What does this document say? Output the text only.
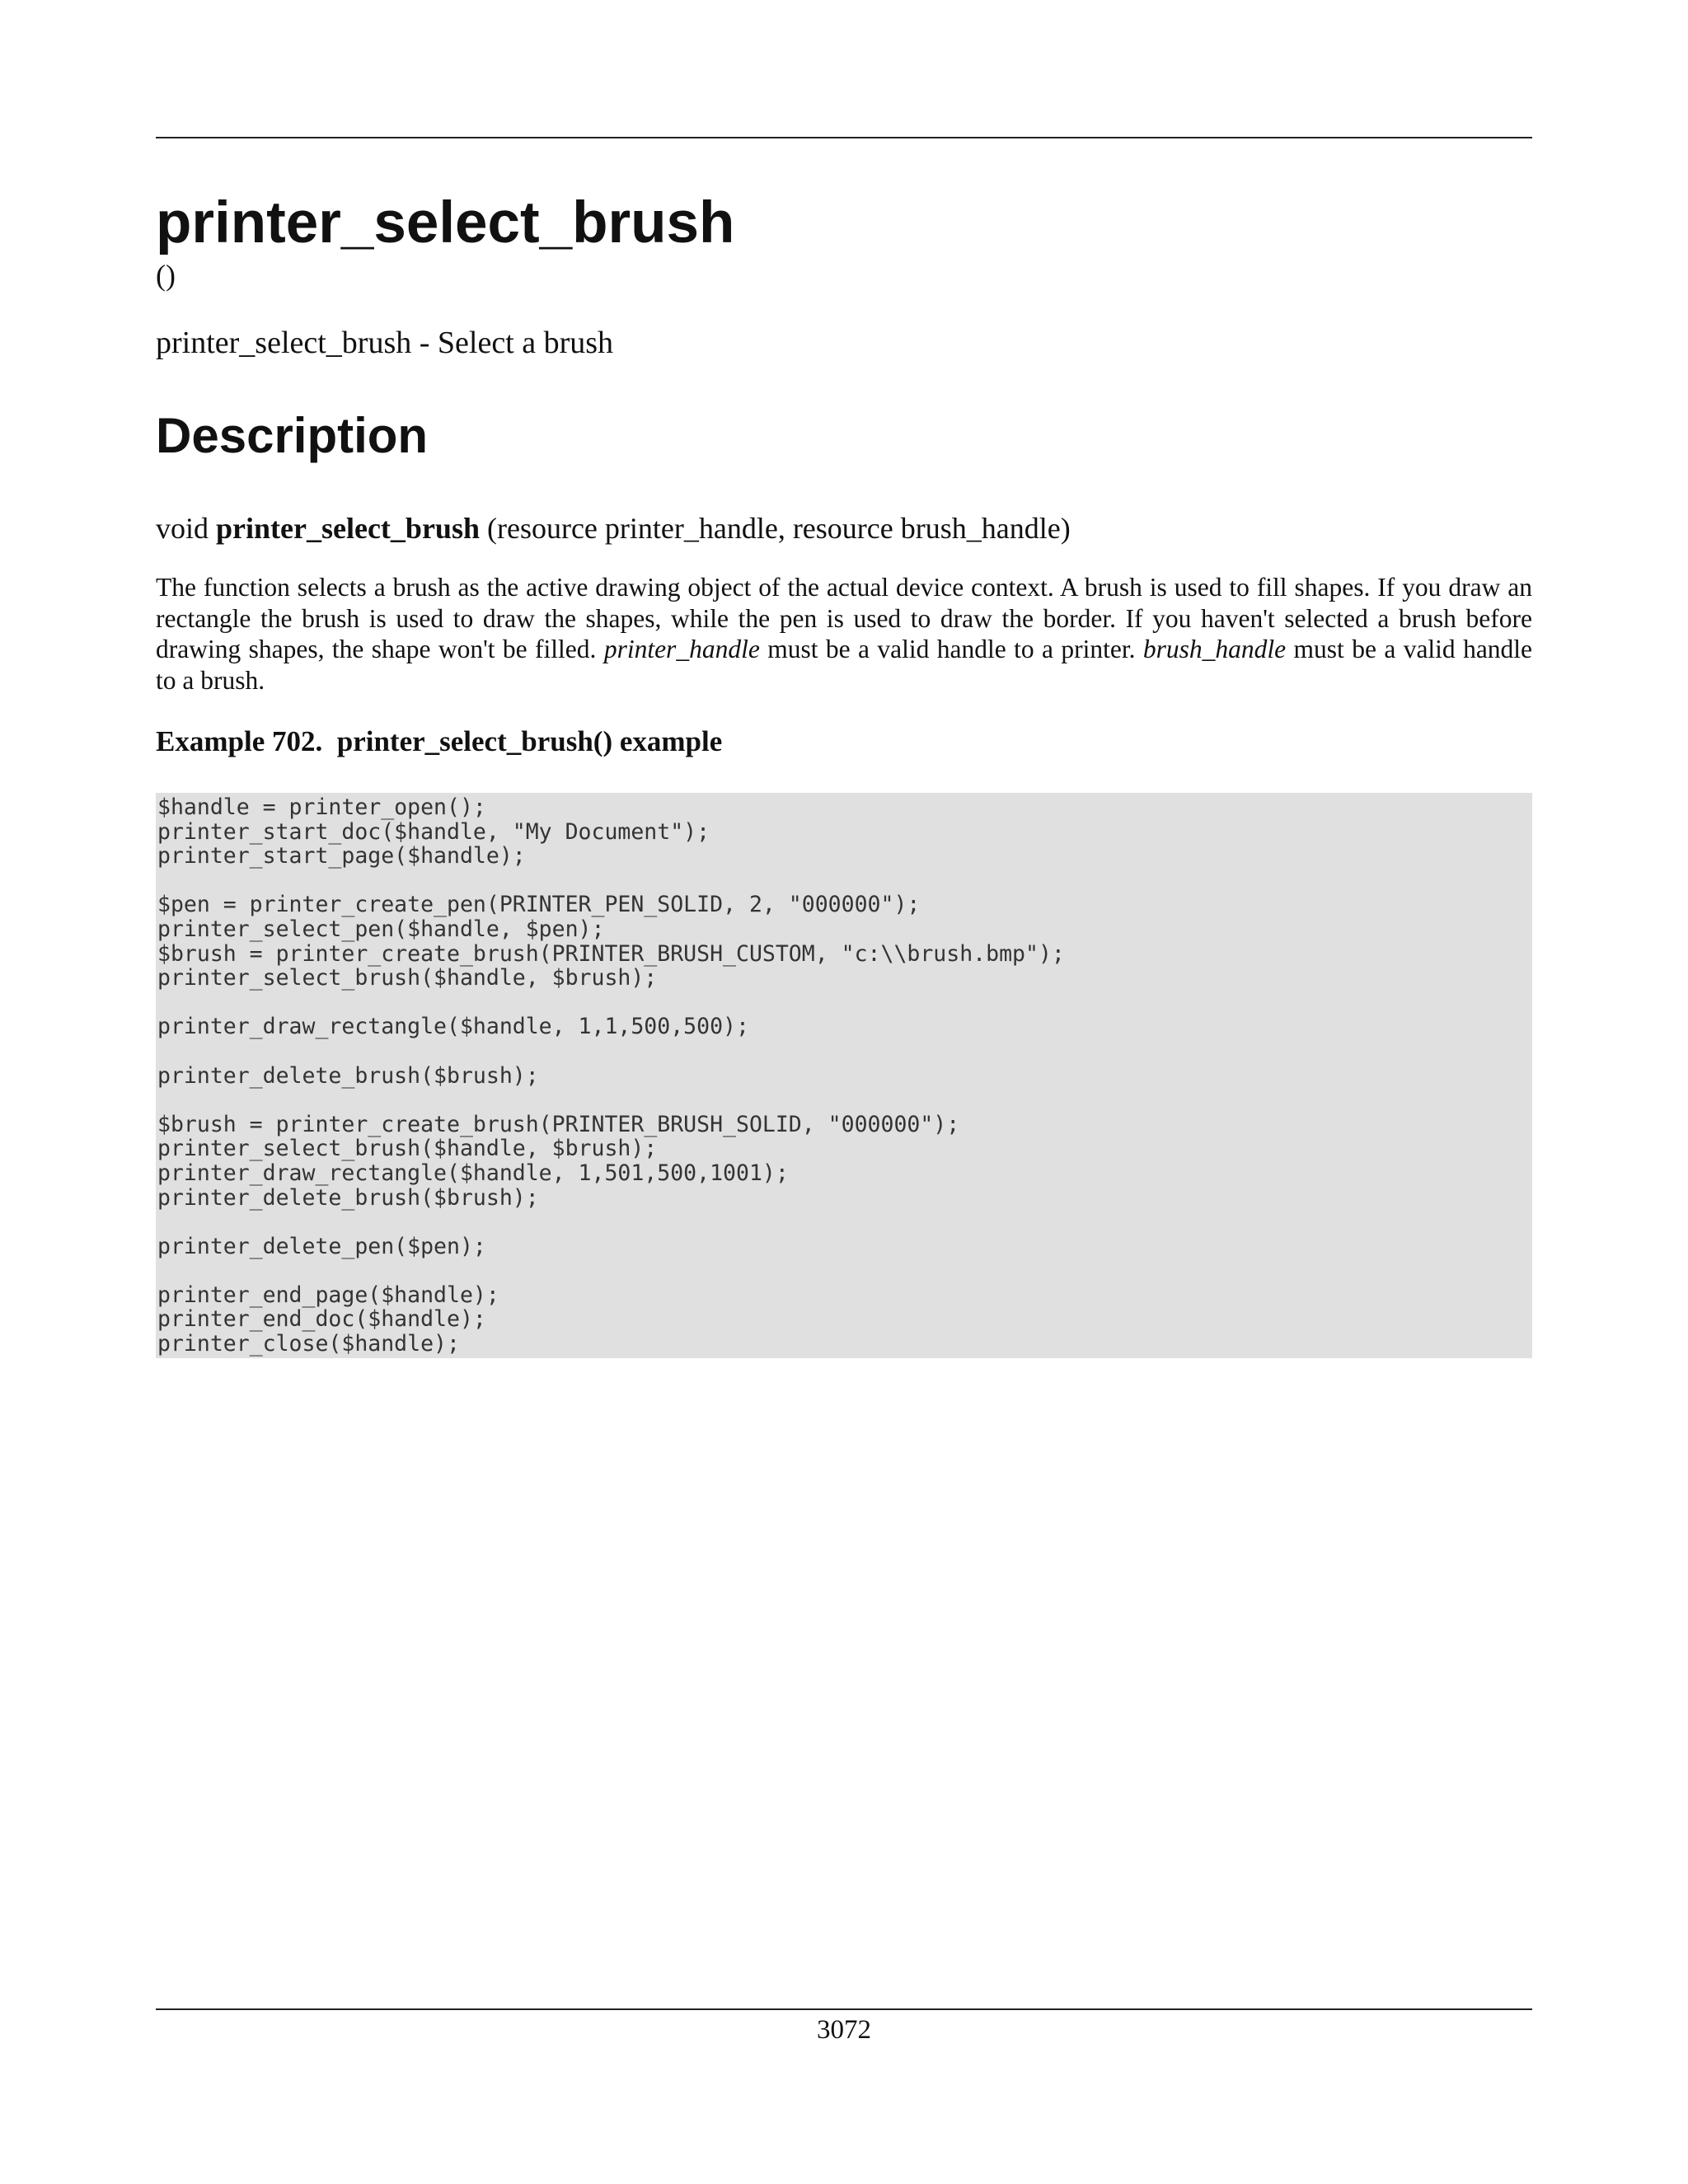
printer_select_brush
()
printer_select_brush - Select a brush
Description
void printer_select_brush (resource printer_handle, resource brush_handle)

The function selects a brush as the active drawing object of the actual device context. A brush is used to fill shapes. If you draw an rectangle the brush is used to draw the shapes, while the pen is used to draw the border. If you haven't selected a brush before drawing shapes, the shape won't be filled. printer_handle must be a valid handle to a printer. brush_handle must be a valid handle to a brush.

Example 702.  printer_select_brush() example
$handle = printer_open();
printer_start_doc($handle, "My Document");
printer_start_page($handle);

$pen = printer_create_pen(PRINTER_PEN_SOLID, 2, "000000");
printer_select_pen($handle, $pen);
$brush = printer_create_brush(PRINTER_BRUSH_CUSTOM, "c:\\brush.bmp");
printer_select_brush($handle, $brush);

printer_draw_rectangle($handle, 1,1,500,500);

printer_delete_brush($brush);

$brush = printer_create_brush(PRINTER_BRUSH_SOLID, "000000");
printer_select_brush($handle, $brush);
printer_draw_rectangle($handle, 1,501,500,1001);
printer_delete_brush($brush);

printer_delete_pen($pen);

printer_end_page($handle);
printer_end_doc($handle);
printer_close($handle);
3072
